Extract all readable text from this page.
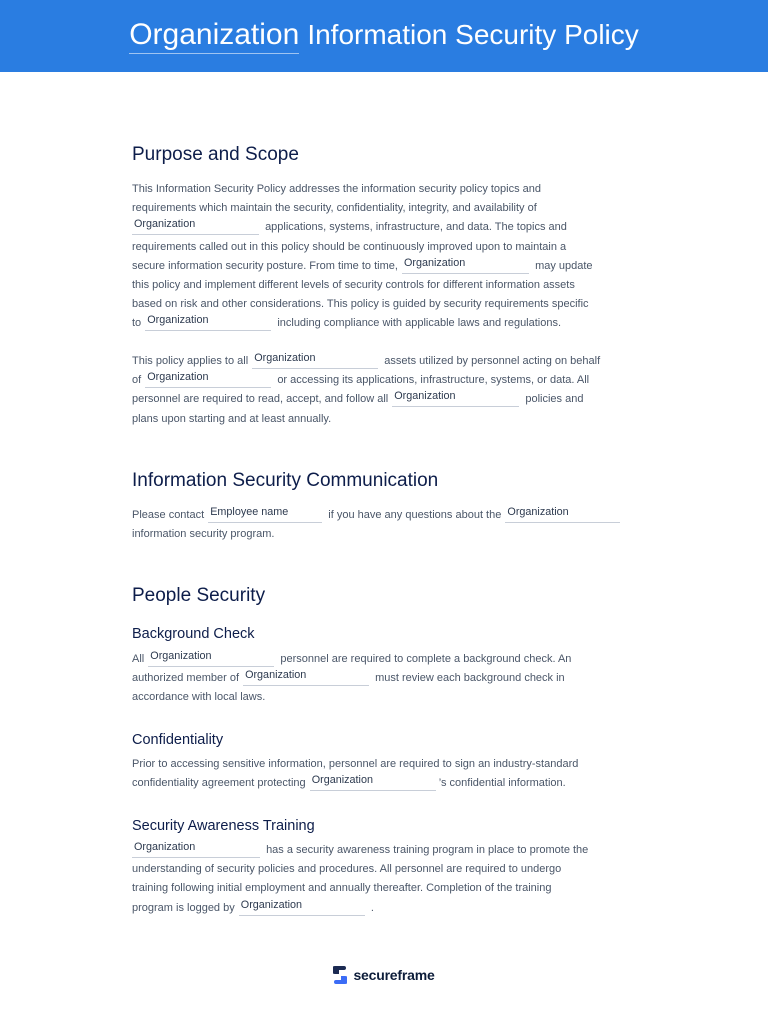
Organization Information Security Policy
Purpose and Scope
This Information Security Policy addresses the information security policy topics and
requirements which maintain the security, confidentiality, integrity, and availability of
Organization	applications, systems, infrastructure, and data. The topics and
requirements called out in this policy should be continuously improved upon to maintain a
secure information security posture. From time to time, Organization	may update
this policy and implement different levels of security controls for different information assets
based on risk and other considerations. This policy is guided by security requirements specific
to Organization	including compliance with applicable laws and regulations.
This policy applies to all Organization	assets utilized by personnel acting on behalf
of Organization	or accessing its applications, infrastructure, systems, or data. All
personnel are required to read, accept, and follow all Organization	policies and
plans upon starting and at least annually.
Information Security Communication
Please contact Employee name	if you have any questions about the Organization
information security program.
People Security
Background Check
All Organization	personnel are required to complete a background check. An
authorized member of Organization	must review each background check in
accordance with local laws.
Confidentiality
Prior to accessing sensitive information, personnel are required to sign an industry-standard
confidentiality agreement protecting Organization	’s confidential information.
Security Awareness Training
Organization	has a security awareness training program in place to promote the
understanding of security policies and procedures. All personnel are required to undergo
training following initial employment and annually thereafter. Completion of the training
program is logged by Organization	.
secureframe
